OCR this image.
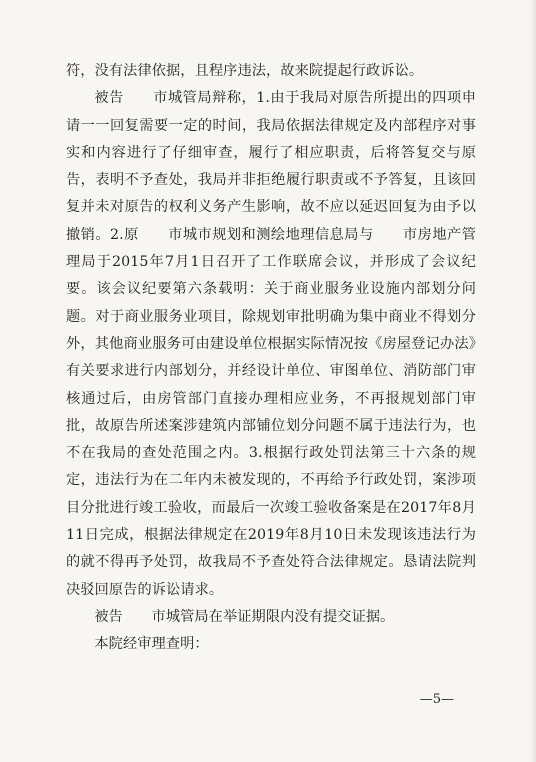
符，没有法律依据，且程序违法，故来院提起行政诉讼。

被告　　市城管局辩称，1.由于我局对原告所提出的四项申请一一回复需要一定的时间，我局依据法律规定及内部程序对事实和内容进行了仔细审查，履行了相应职责，后将答复交与原告，表明不予查处，我局并非拒绝履行职责或不予答复，且该回复并未对原告的权利义务产生影响，故不应以延迟回复为由予以撤销。2.原　　市城市规划和测绘地理信息局与　　市房地产管理局于2015年7月1日召开了工作联席会议，并形成了会议纪要。该会议纪要第六条载明：关于商业服务业设施内部划分问题。对于商业服务业项目，除规划审批明确为集中商业不得划分外，其他商业服务可由建设单位根据实际情况按《房屋登记办法》有关要求进行内部划分，并经设计单位、审图单位、消防部门审核通过后，由房管部门直接办理相应业务，不再报规划部门审批，故原告所述案涉建筑内部铺位划分问题不属于违法行为，也不在我局的查处范围之内。3.根据行政处罚法第三十六条的规定，违法行为在二年内未被发现的，不再给予行政处罚，案涉项目分批进行竣工验收，而最后一次竣工验收备案是在2017年8月11日完成，根据法律规定在2019年8月10日未发现该违法行为的就不得再予处罚，故我局不予查处符合法律规定。恳请法院判决驳回原告的诉讼请求。

被告　　市城管局在举证期限内没有提交证据。

本院经审理查明：

—5—
